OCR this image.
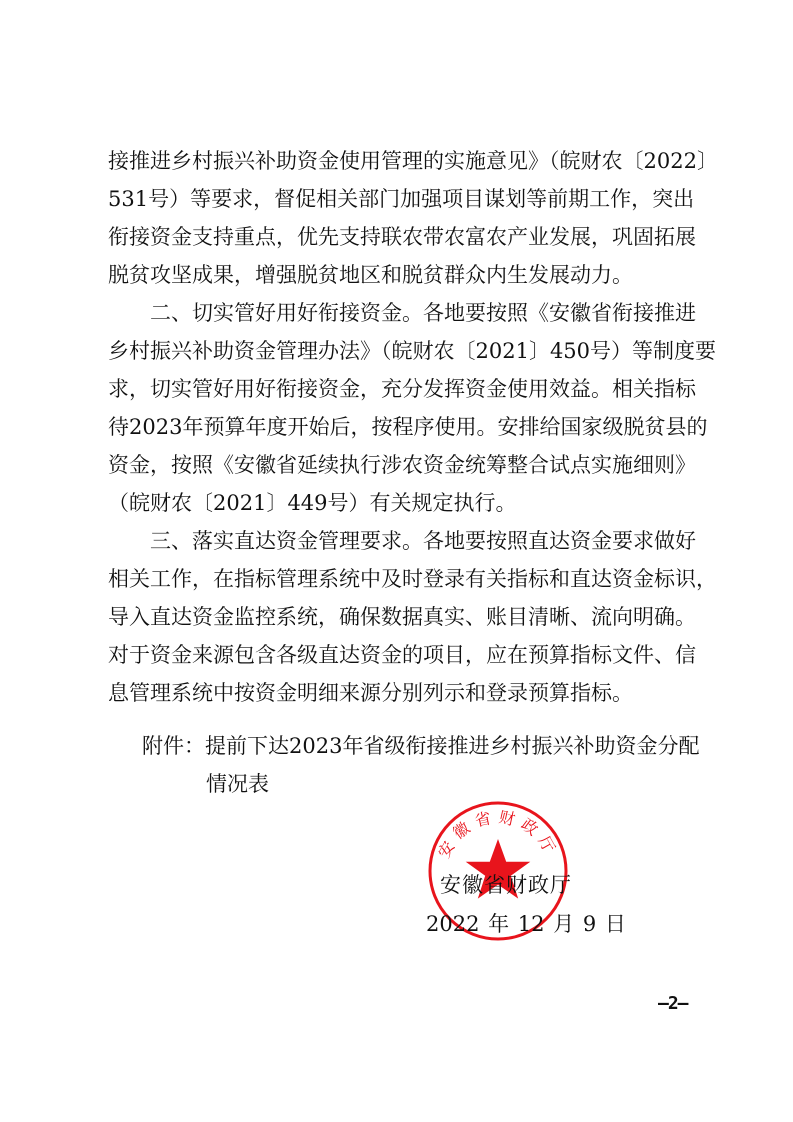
接推进乡村振兴补助资金使用管理的实施意见》（皖财农〔2022〕
531号）等要求，督促相关部门加强项目谋划等前期工作，突出
衔接资金支持重点，优先支持联农带农富农产业发展，巩固拓展
脱贫攻坚成果，增强脱贫地区和脱贫群众内生发展动力。
二、切实管好用好衔接资金。各地要按照《安徽省衔接推进
乡村振兴补助资金管理办法》（皖财农〔2021〕450号）等制度要
求，切实管好用好衔接资金，充分发挥资金使用效益。相关指标
待2023年预算年度开始后，按程序使用。安排给国家级脱贫县的
资金，按照《安徽省延续执行涉农资金统筹整合试点实施细则》
（皖财农〔2021〕449号）有关规定执行。
三、落实直达资金管理要求。各地要按照直达资金要求做好
相关工作，在指标管理系统中及时登录有关指标和直达资金标识，
导入直达资金监控系统，确保数据真实、账目清晰、流向明确。
对于资金来源包含各级直达资金的项目，应在预算指标文件、信
息管理系统中按资金明细来源分别列示和登录预算指标。
附件：提前下达2023年省级衔接推进乡村振兴补助资金分配
情况表
安徽省财政厅
安徽省财政厅
2022 年 12 月 9 日
–2–
